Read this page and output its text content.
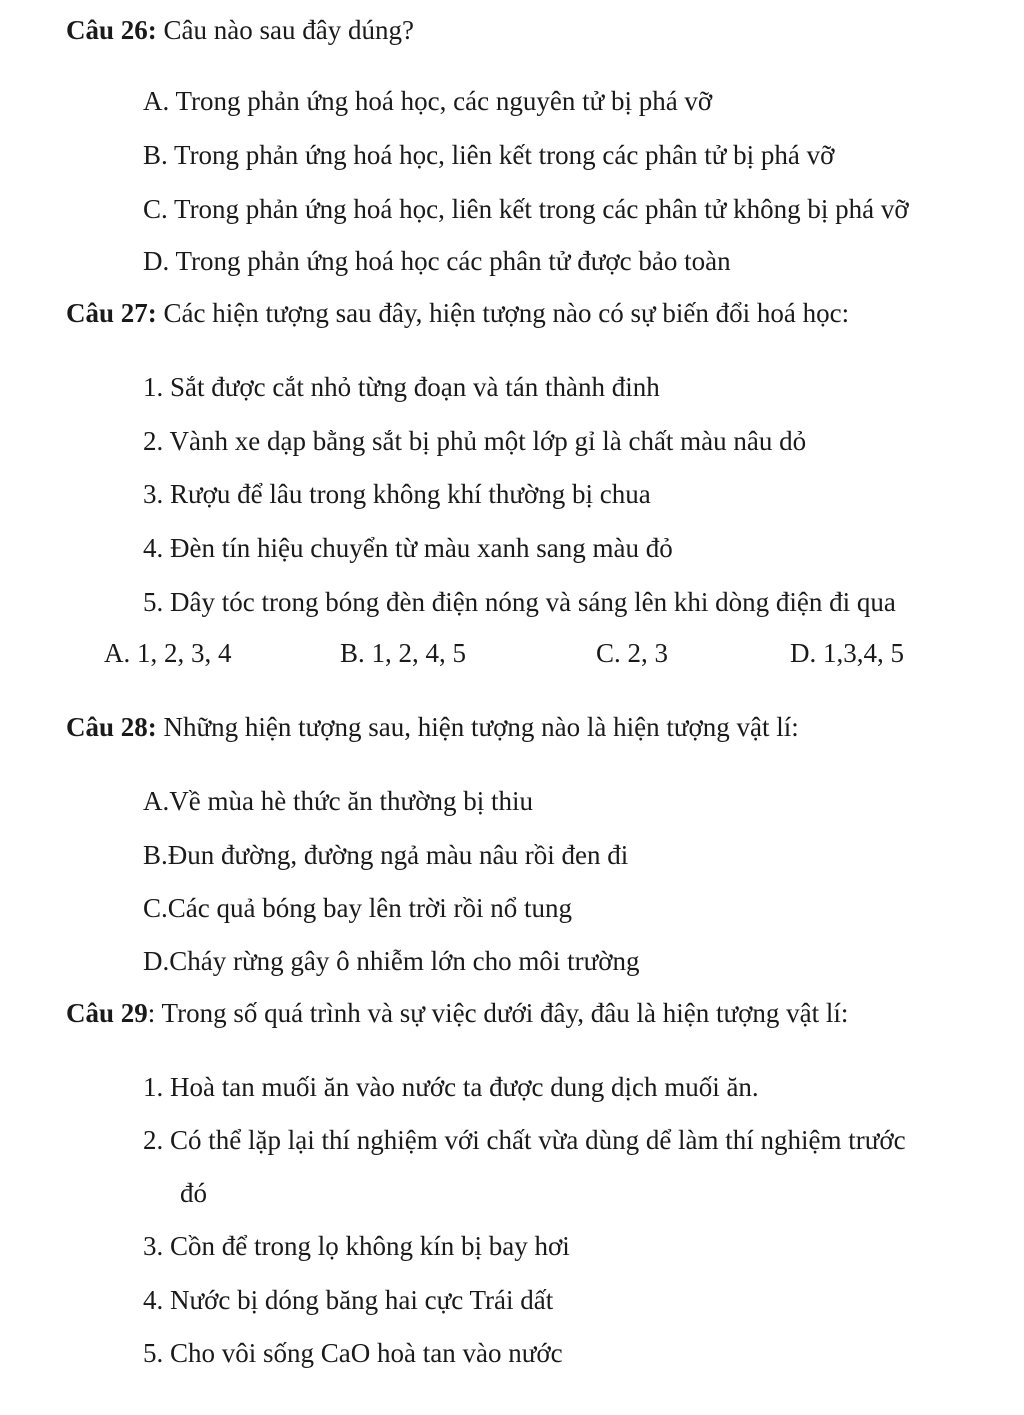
Câu 26: Câu nào sau đây dúng?
A. Trong phản ứng hoá học, các nguyên tử bị phá vỡ
B. Trong phản ứng hoá học, liên kết trong các phân tử bị phá vỡ
C. Trong phản ứng hoá học, liên kết trong các phân tử không bị phá vỡ
D. Trong phản ứng hoá học các phân tử được bảo toàn
Câu 27: Các hiện tượng sau đây, hiện tượng nào có sự biến đổi hoá học:
1. Sắt được cắt nhỏ từng đoạn và tán thành đinh
2. Vành xe dạp bằng sắt bị phủ một lớp gỉ là chất màu nâu dỏ
3. Rượu để lâu trong không khí thường bị chua
4. Đèn tín hiệu chuyển từ màu xanh sang màu đỏ
5. Dây tóc trong bóng đèn điện nóng và sáng lên khi dòng điện đi qua
A. 1, 2, 3, 4	B. 1, 2, 4, 5	C. 2, 3	D. 1,3,4, 5
Câu 28: Những hiện tượng sau, hiện tượng nào là hiện tượng vật lí:
A.Về mùa hè thức ăn thường bị thiu
B.Đun đường, đường ngả màu nâu rồi đen đi
C.Các quả bóng bay lên trời rồi nổ tung
D.Cháy rừng gây ô nhiễm lớn cho môi trường
Câu 29: Trong số quá trình và sự việc dưới đây, đâu là hiện tượng vật lí:
1. Hoà tan muối ăn vào nước ta được dung dịch muối ăn.
2. Có thể lặp lại thí nghiệm với chất vừa dùng dể làm thí nghiệm trước
đó
3. Cồn để trong lọ không kín bị bay hơi
4. Nước bị dóng băng hai cực Trái dất
5. Cho vôi sống CaO hoà tan vào nước
